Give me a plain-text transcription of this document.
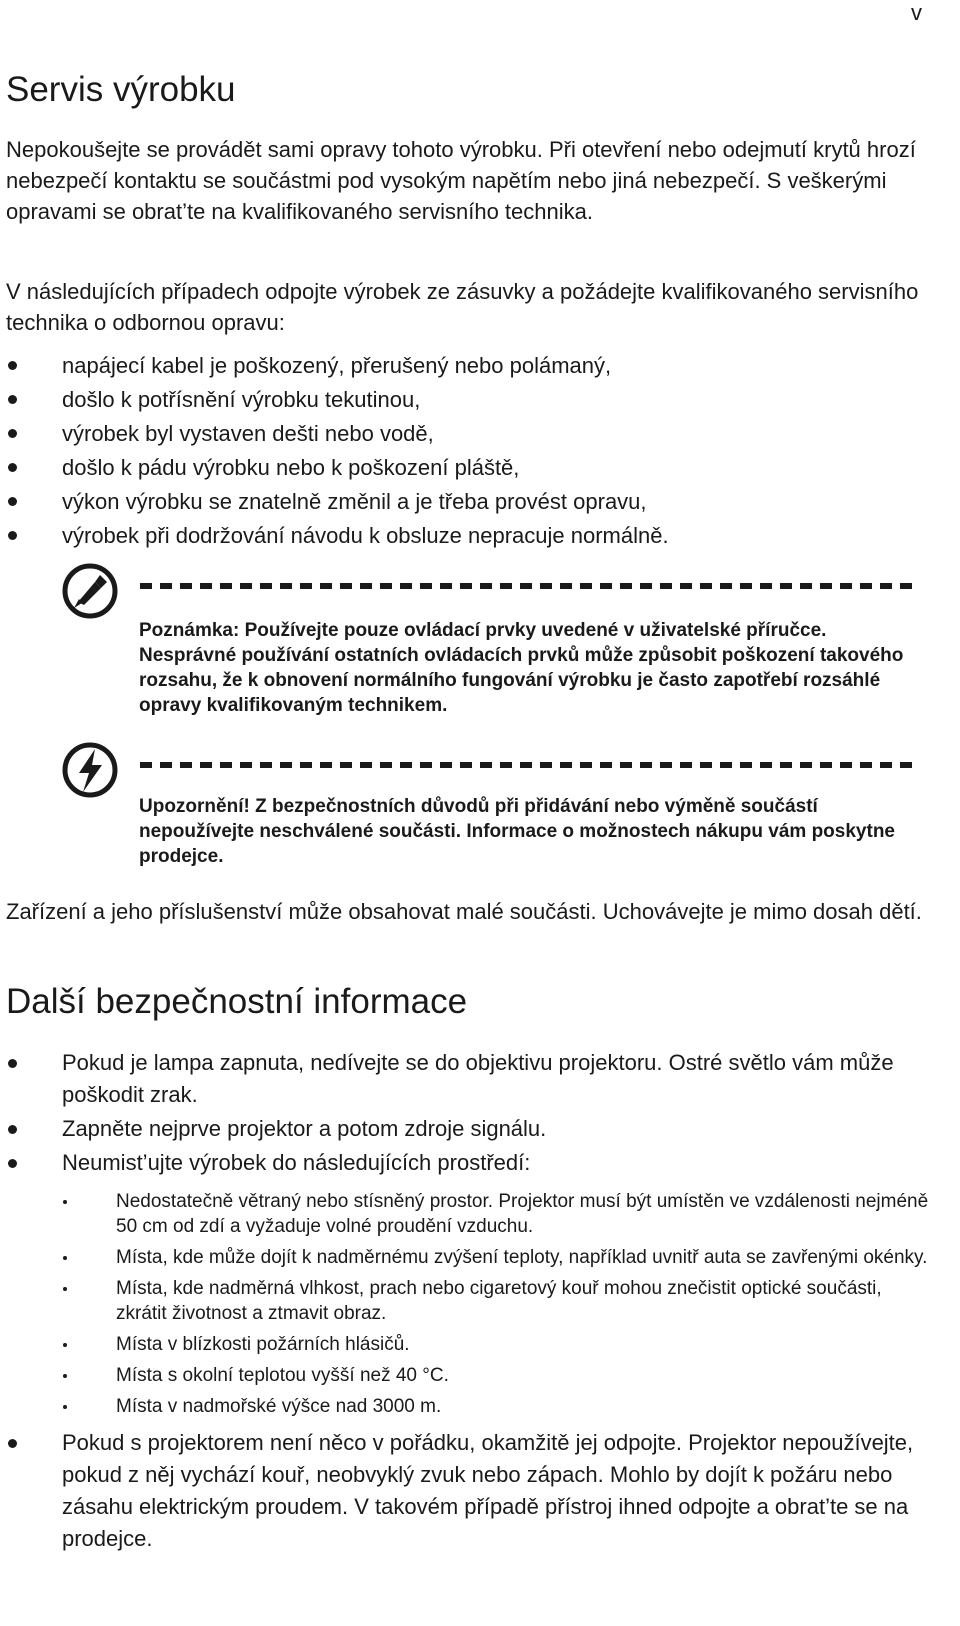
v
Servis výrobku

Nepokoušejte se provádět sami opravy tohoto výrobku. Při otevření nebo odejmutí krytů hrozí nebezpečí kontaktu se součástmi pod vysokým napětím nebo jiná nebezpečí. S veškerými opravami se obrat’te na kvalifikovaného servisního technika.

V následujících případech odpojte výrobek ze zásuvky a požádejte kvalifikovaného servisního technika o odbornou opravu:

napájecí kabel je poškozený, přerušený nebo polámaný,
došlo k potřísnění výrobku tekutinou,
výrobek byl vystaven dešti nebo vodě,
došlo k pádu výrobku nebo k poškození pláště,
výkon výrobku se znatelně změnil a je třeba provést opravu,
výrobek při dodržování návodu k obsluze nepracuje normálně.

Poznámka: Používejte pouze ovládací prvky uvedené v uživatelské příručce. Nesprávné používání ostatních ovládacích prvků může způsobit poškození takového rozsahu, že k obnovení normálního fungování výrobku je často zapotřebí rozsáhlé opravy kvalifikovaným technikem.

Upozornění! Z bezpečnostních důvodů při přidávání nebo výměně součástí nepoužívejte neschválené součásti. Informace o možnostech nákupu vám poskytne prodejce.

Zařízení a jeho příslušenství může obsahovat malé součásti. Uchovávejte je mimo dosah dětí.

Další bezpečnostní informace
Pokud je lampa zapnuta, nedívejte se do objektivu projektoru. Ostré světlo vám může poškodit zrak.
Zapněte nejprve projektor a potom zdroje signálu.
Neumist’ujte výrobek do následujících prostředí:
Nedostatečně větraný nebo stísněný prostor. Projektor musí být umístěn ve vzdálenosti nejméně 50 cm od zdí a vyžaduje volné proudění vzduchu.
Místa, kde může dojít k nadměrnému zvýšení teploty, například uvnitř auta se zavřenými okénky.
Místa, kde nadměrná vlhkost, prach nebo cigaretový kouř mohou znečistit optické součásti, zkrátit životnost a ztmavit obraz.
Místa v blízkosti požárních hlásičů.
Místa s okolní teplotou vyšší než 40 °C.
Místa v nadmořské výšce nad 3000 m.
Pokud s projektorem není něco v pořádku, okamžitě jej odpojte. Projektor nepoužívejte, pokud z něj vychází kouř, neobvyklý zvuk nebo zápach. Mohlo by dojít k požáru nebo zásahu elektrickým proudem. V takovém případě přístroj ihned odpojte a obrat’te se na prodejce.
